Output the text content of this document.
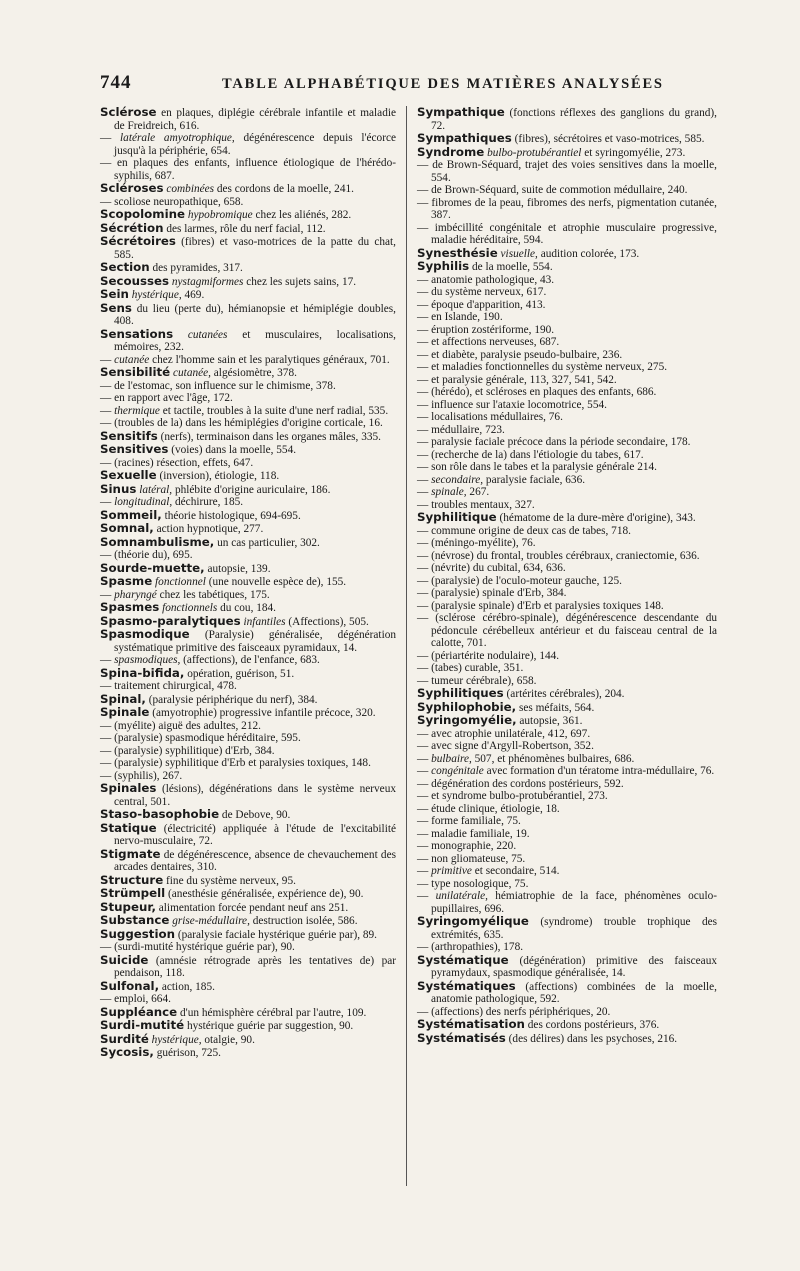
744	TABLE ALPHABÉTIQUE DES MATIÈRES ANALYSÉES

Sclérose en plaques, diplégie cérébrale infantile et maladie de Freidreich, 616.

— latérale amyotrophique, dégénérescence depuis l'écorce jusqu'à la périphérie, 654.

— en plaques des enfants, influence étiologique de l'hérédo-syphilis, 687.

Scléroses combinées des cordons de la moelle, 241.

— scoliose neuropathique, 658.

Scopolomine hypobromique chez les aliénés, 282.

Sécrétion des larmes, rôle du nerf facial, 112.

Sécrétoires (fibres) et vaso-motrices de la patte du chat, 585.

Section des pyramides, 317.

Secousses nystagmiformes chez les sujets sains, 17.

Sein hystérique, 469.

Sens du lieu (perte du), hémianopsie et hémiplégie doubles, 408.

Sensations cutanées et musculaires, localisations, mémoires, 232.

— cutanée chez l'homme sain et les paralytiques généraux, 701.

Sensibilité cutanée, algésiomètre, 378.

— de l'estomac, son influence sur le chimisme, 378.

— en rapport avec l'âge, 172.

— thermique et tactile, troubles à la suite d'une nerf radial, 535.

— (troubles de la) dans les hémiplégies d'origine corticale, 16.

Sensitifs (nerfs), terminaison dans les organes mâles, 335.

Sensitives (voies) dans la moelle, 554.

— (racines) résection, effets, 647.

Sexuelle (inversion), étiologie, 118.

Sinus latéral, phlébite d'origine auriculaire, 186.

— longitudinal, déchirure, 185.

Sommeil, théorie histologique, 694-695.

Somnal, action hypnotique, 277.

Somnambulisme, un cas particulier, 302.

— (théorie du), 695.

Sourde-muette, autopsie, 139.

Spasme fonctionnel (une nouvelle espèce de), 155.

— pharyngé chez les tabétiques, 175.

Spasmes fonctionnels du cou, 184.

Spasmo-paralytiques infantiles (Affections), 505.

Spasmodique (Paralysie) généralisée, dégénération systématique primitive des faisceaux pyramidaux, 14.

— spasmodiques, (affections), de l'enfance, 683.

Spina-bifida, opération, guérison, 51.

— traitement chirurgical, 478.

Spinal, (paralysie périphérique du nerf), 384.

Spinale (amyotrophie) progressive infantile précoce, 320.

— (myélite) aiguë des adultes, 212.

— (paralysie) spasmodique héréditaire, 595.

— (paralysie) syphilitique) d'Erb, 384.

— (paralysie) syphilitique d'Erb et paralysies toxiques, 148.

— (syphilis), 267.

Spinales (lésions), dégénérations dans le système nerveux central, 501.

Staso-basophobie de Debove, 90.

Statique (électricité) appliquée à l'étude de l'excitabilité nervo-musculaire, 72.

Stigmate de dégénérescence, absence de chevauchement des arcades dentaires, 310.

Structure fine du système nerveux, 95.

Strümpell (anesthésie généralisée, expérience de), 90.

Stupeur, alimentation forcée pendant neuf ans 251.

Substance grise-médullaire, destruction isolée, 586.

Suggestion (paralysie faciale hystérique guérie par), 89.

— (surdi-mutité hystérique guérie par), 90.

Suicide (amnésie rétrograde après les tentatives de) par pendaison, 118.

Sulfonal, action, 185.

— emploi, 664.

Suppléance d'un hémisphère cérébral par l'autre, 109.

Surdi-mutité hystérique guérie par suggestion, 90.

Surdité hystérique, otalgie, 90.

Sycosis, guérison, 725.

Sympathique (fonctions réflexes des ganglions du grand), 72.

Sympathiques (fibres), sécrétoires et vaso-motrices, 585.

Syndrome bulbo-protubérantiel et syringomyélie, 273.

— de Brown-Séquard, trajet des voies sensitives dans la moelle, 554.

— de Brown-Séquard, suite de commotion médullaire, 240.

— fibromes de la peau, fibromes des nerfs, pigmentation cutanée, 387.

— imbécillité congénitale et atrophie musculaire progressive, maladie héréditaire, 594.

Synesthésie visuelle, audition colorée, 173.

Syphilis de la moelle, 554.

— anatomie pathologique, 43.

— du système nerveux, 617.

— époque d'apparition, 413.

— en Islande, 190.

— éruption zostériforme, 190.

— et affections nerveuses, 687.

— et diabète, paralysie pseudo-bulbaire, 236.

— et maladies fonctionnelles du système nerveux, 275.

— et paralysie générale, 113, 327, 541, 542.

— (hérédo), et scléroses en plaques des enfants, 686.

— influence sur l'ataxie locomotrice, 554.

— localisations médullaires, 76.

— médullaire, 723.

— paralysie faciale précoce dans la période secondaire, 178.

— (recherche de la) dans l'étiologie du tabes, 617.

— son rôle dans le tabes et la paralysie générale 214.

— secondaire, paralysie faciale, 636.

— spinale, 267.

— troubles mentaux, 327.

Syphilitique (hématome de la dure-mère d'origine), 343.

— commune origine de deux cas de tabes, 718.

— (méningo-myélite), 76.

— (névrose) du frontal, troubles cérébraux, craniectomie, 636.

— (névrite) du cubital, 634, 636.

— (paralysie) de l'oculo-moteur gauche, 125.

— (paralysie) spinale d'Erb, 384.

— (paralysie spinale) d'Erb et paralysies toxiques 148.

— (sclérose cérébro-spinale), dégénérescence descendante du pédoncule cérébelleux antérieur et du faisceau central de la calotte, 701.

— (périartérite nodulaire), 144.

— (tabes) curable, 351.

— tumeur cérébrale), 658.

Syphilitiques (artérites cérébrales), 204.

Syphilophobie, ses méfaits, 564.

Syringomyélie, autopsie, 361.

— avec atrophie unilatérale, 412, 697.

— avec signe d'Argyll-Robertson, 352.

— bulbaire, 507, et phénomènes bulbaires, 686.

— congénitale avec formation d'un tératome intra-médullaire, 76.

— dégénération des cordons postérieurs, 592.

— et syndrome bulbo-protubérantiel, 273.

— étude clinique, étiologie, 18.

— forme familiale, 75.

— maladie familiale, 19.

— monographie, 220.

— non gliomateuse, 75.

— primitive et secondaire, 514.

— type nosologique, 75.

— unilatérale, hémiatrophie de la face, phénomènes oculo-pupillaires, 696.

Syringomyélique (syndrome) trouble trophique des extrémités, 635.

— (arthropathies), 178.

Systématique (dégénération) primitive des faisceaux pyramydaux, spasmodique généralisée, 14.

Systématiques (affections) combinées de la moelle, anatomie pathologique, 592.

— (affections) des nerfs périphériques, 20.

Systématisation des cordons postérieurs, 376.

Systématisés (des délires) dans les psychoses, 216.
